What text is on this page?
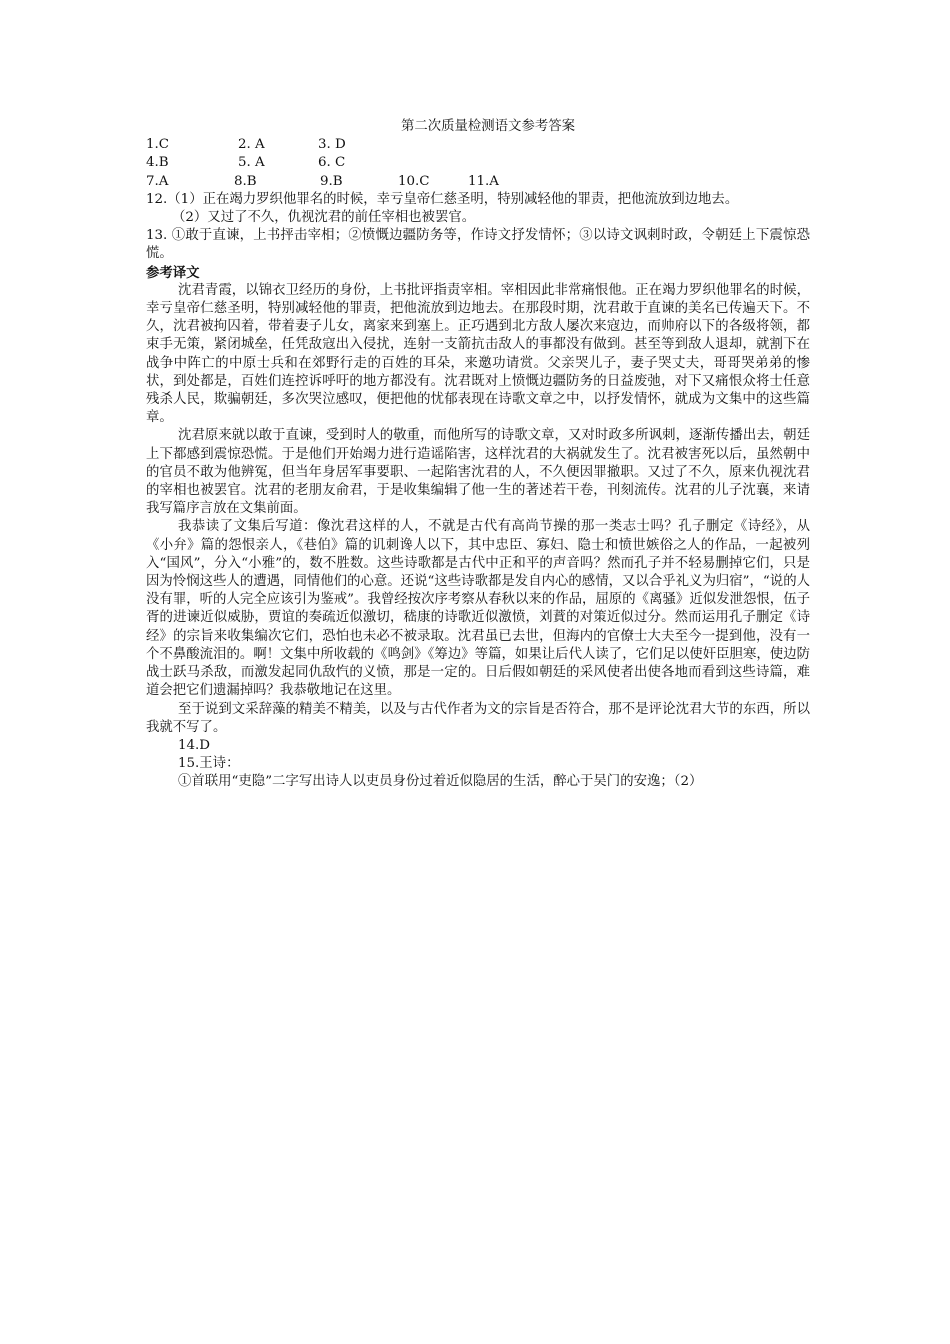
第二次质量检测语文参考答案

1.C	2. A	3. D
4.B	5. A	6. C
7.A	8.B	9.B	10.C	11.A

12.（1）正在竭力罗织他罪名的时候，幸亏皇帝仁慈圣明，特别减轻他的罪责，把他流放到边地去。

（2）又过了不久，仇视沈君的前任宰相也被罢官。

13. ①敢于直谏，上书抨击宰相；②愤慨边疆防务等，作诗文抒发情怀；③以诗文讽刺时政，令朝廷上下震惊恐慌。

参考译文

沈君青霞，以锦衣卫经历的身份，上书批评指责宰相。宰相因此非常痛恨他。正在竭力罗织他罪名的时候，幸亏皇帝仁慈圣明，特别减轻他的罪责，把他流放到边地去。在那段时期，沈君敢于直谏的美名已传遍天下。不久，沈君被拘囚着，带着妻子儿女，离家来到塞上。正巧遇到北方敌人屡次来寇边，而帅府以下的各级将领，都束手无策，紧闭城垒，任凭敌寇出入侵扰，连射一支箭抗击敌人的事都没有做到。甚至等到敌人退却，就割下在战争中阵亡的中原士兵和在郊野行走的百姓的耳朵，来邀功请赏。父亲哭儿子，妻子哭丈夫，哥哥哭弟弟的惨状，到处都是，百姓们连控诉呼吁的地方都没有。沈君既对上愤慨边疆防务的日益废弛，对下又痛恨众将士任意残杀人民，欺骗朝廷，多次哭泣感叹，便把他的忧郁表现在诗歌文章之中，以抒发情怀，就成为文集中的这些篇章。

沈君原来就以敢于直谏，受到时人的敬重，而他所写的诗歌文章，又对时政多所讽刺，逐渐传播出去，朝廷上下都感到震惊恐慌。于是他们开始竭力进行造谣陷害，这样沈君的大祸就发生了。沈君被害死以后，虽然朝中的官员不敢为他辨冤，但当年身居军事要职、一起陷害沈君的人，不久便因罪撤职。又过了不久，原来仇视沈君的宰相也被罢官。沈君的老朋友俞君，于是收集编辑了他一生的著述若干卷，刊刻流传。沈君的儿子沈襄，来请我写篇序言放在文集前面。

我恭读了文集后写道：像沈君这样的人，不就是古代有高尚节操的那一类志士吗？孔子删定《诗经》，从《小弁》篇的怨恨亲人，《巷伯》篇的讥刺谗人以下，其中忠臣、寡妇、隐士和愤世嫉俗之人的作品，一起被列入“国风”，分入“小雅”的，数不胜数。这些诗歌都是古代中正和平的声音吗？然而孔子并不轻易删掉它们，只是因为怜悯这些人的遭遇，同情他们的心意。还说“这些诗歌都是发自内心的感情，又以合乎礼义为归宿”，“说的人没有罪，听的人完全应该引为鉴戒”。我曾经按次序考察从春秋以来的作品，屈原的《离骚》近似发泄怨恨，伍子胥的进谏近似威胁，贾谊的奏疏近似激切，嵇康的诗歌近似激愤，刘蕡的对策近似过分。然而运用孔子删定《诗经》的宗旨来收集编次它们，恐怕也未必不被录取。沈君虽已去世，但海内的官僚士大夫至今一提到他，没有一个不鼻酸流泪的。啊！文集中所收载的《鸣剑》《筹边》等篇，如果让后代人读了，它们足以使奸臣胆寒，使边防战士跃马杀敌，而激发起同仇敌忾的义愤，那是一定的。日后假如朝廷的采风使者出使各地而看到这些诗篇，难道会把它们遗漏掉吗？我恭敬地记在这里。

至于说到文采辞藻的精美不精美，以及与古代作者为文的宗旨是否符合，那不是评论沈君大节的东西，所以我就不写了。

14.D

15.王诗：

①首联用“吏隐”二字写出诗人以吏员身份过着近似隐居的生活，醉心于吴门的安逸；（2）
